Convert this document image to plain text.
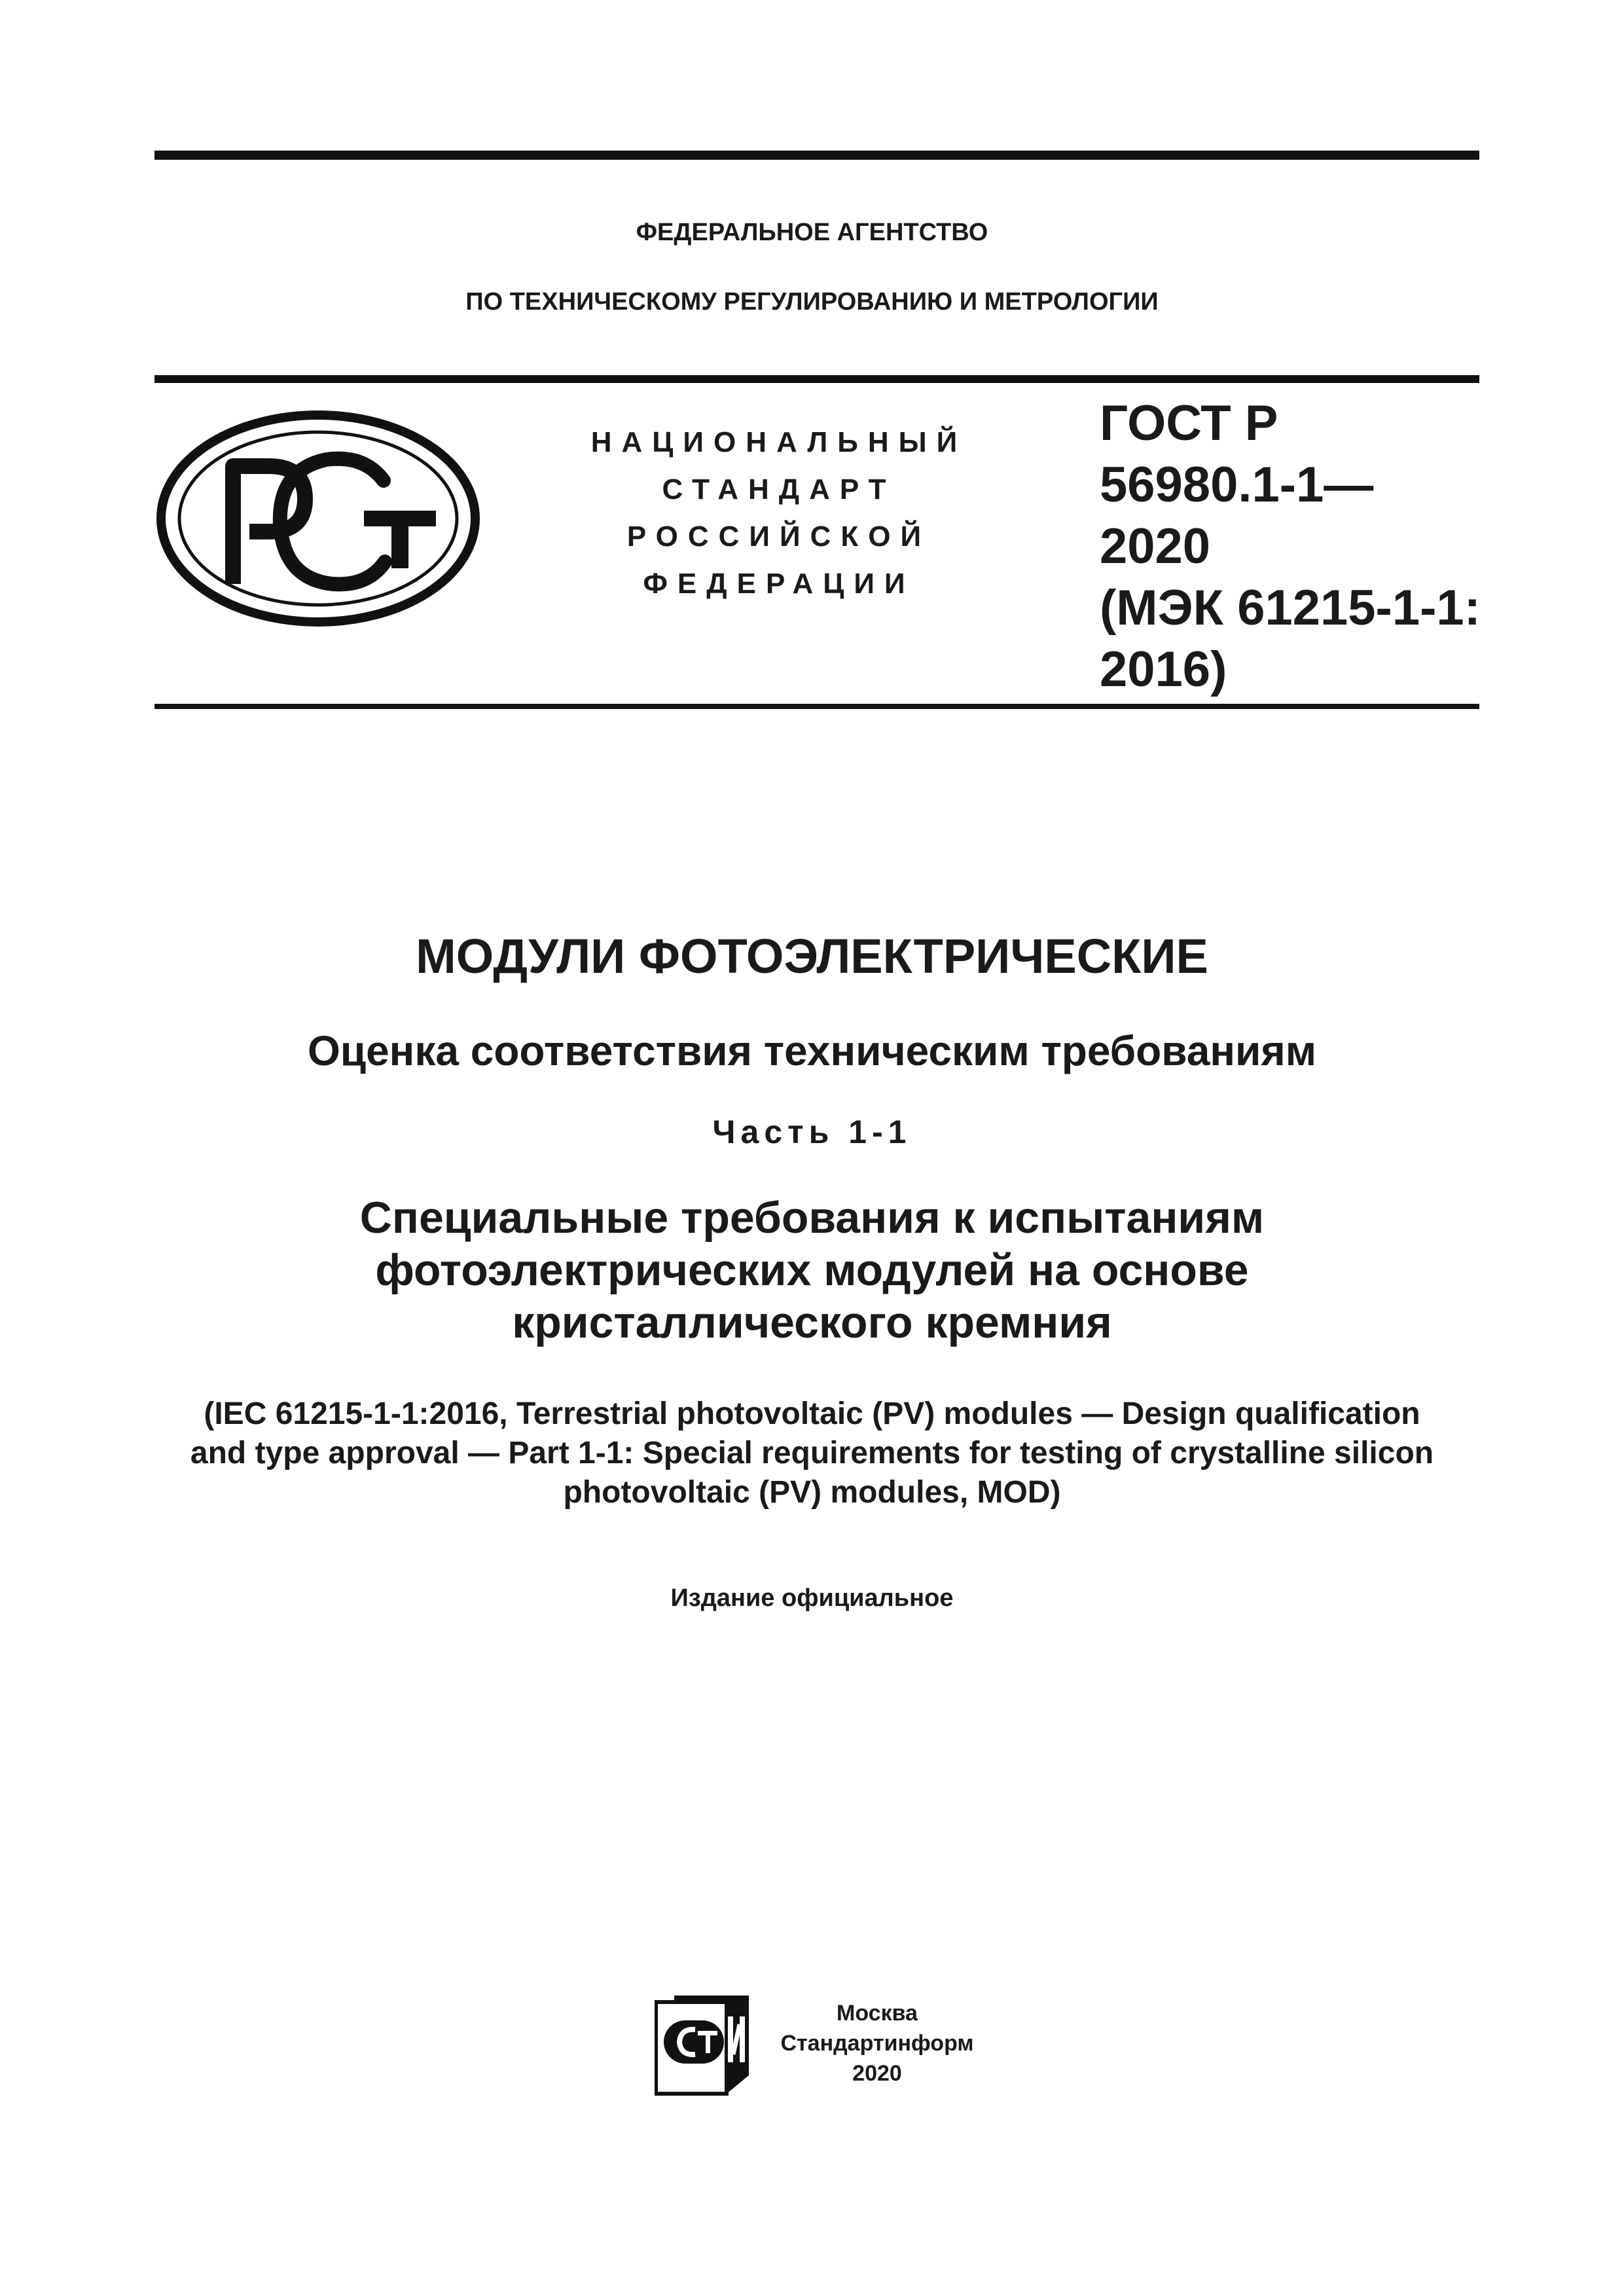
ФЕДЕРАЛЬНОЕ АГЕНТСТВО
ПО ТЕХНИЧЕСКОМУ РЕГУЛИРОВАНИЮ И МЕТРОЛОГИИ
НАЦИОНАЛЬНЫЙ
СТАНДАРТ
РОССИЙСКОЙ
ФЕДЕРАЦИИ
ГОСТ Р
56980.1-1—
2020
(МЭК 61215-1-1:
2016)
МОДУЛИ ФОТОЭЛЕКТРИЧЕСКИЕ
Оценка соответствия техническим требованиям
Часть 1-1
Специальные требования к испытаниям
фотоэлектрических модулей на основе
кристаллического кремния
(IEC 61215-1-1:2016, Terrestrial photovoltaic (PV) modules — Design qualification
and type approval — Part 1-1: Special requirements for testing of crystalline silicon
photovoltaic (PV) modules, MOD)
Издание официальное
Москва
Стандартинформ
2020
